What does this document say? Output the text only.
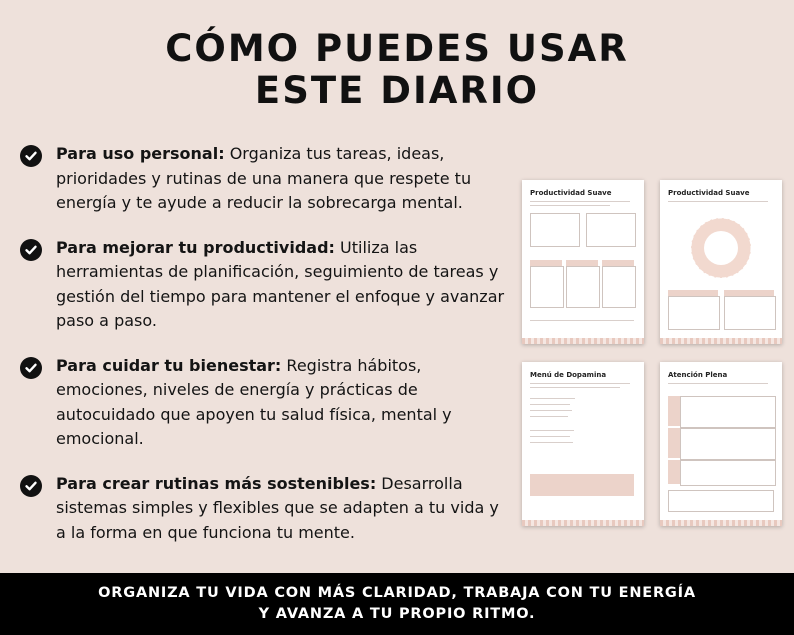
CÓMO PUEDES USAR
ESTE DIARIO
Para uso personal: Organiza tus tareas, ideas, prioridades y rutinas de una manera que respete tu energía y te ayude a reducir la sobrecarga mental.
Para mejorar tu productividad: Utiliza las herramientas de planificación, seguimiento de tareas y gestión del tiempo para mantener el enfoque y avanzar paso a paso.
Para cuidar tu bienestar: Registra hábitos, emociones, niveles de energía y prácticas de autocuidado que apoyen tu salud física, mental y emocional.
Para crear rutinas más sostenibles: Desarrolla sistemas simples y flexibles que se adapten a tu vida y a la forma en que funciona tu mente.
Productividad Suave	Productividad Suave
Menú de Dopamina	Atención Plena
ORGANIZA TU VIDA CON MÁS CLARIDAD, TRABAJA CON TU ENERGÍA
Y AVANZA A TU PROPIO RITMO.
